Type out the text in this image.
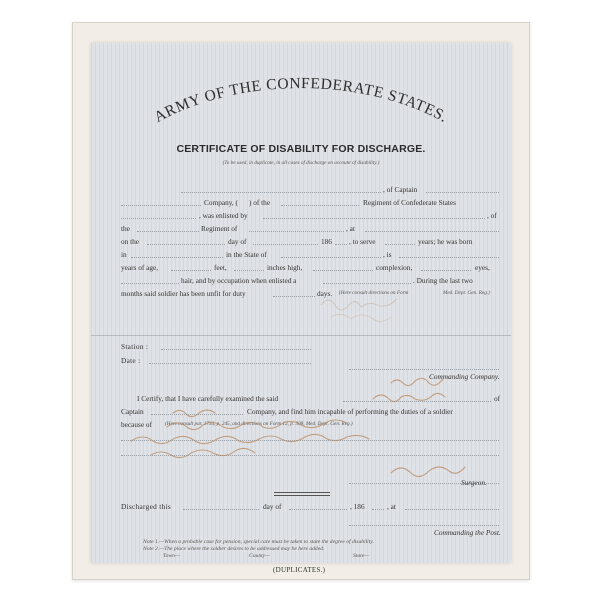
ARMY OF THE CONFEDERATE STATES.
CERTIFICATE OF DISABILITY FOR DISCHARGE.
(To be used, in duplicate, in all cases of discharge on account of disability.)
, of Captain
Company, ( ) of the	Regiment of Confederate States
, was enlisted by	, of
the	Regiment of	, at
on the	day of	186 , to serve	years; he was born
in	in the State of	, is
years of age,	feet,	inches high,	complexion,	eyes,
hair, and by occupation when enlisted a	. During the last two
months said soldier has been unfit for duty	days. (Here consult directions on Form	Med. Dept. Gen. Reg.)
Station :
Date :
Commanding Company.
I Certify, that I have carefully examined the said	of
Captain	Company, and find him incapable of performing the duties of a soldier
because of	(Here consult par. 1734, p. 245, and directions on Form 12, p. 308, Med. Dept. Gen. Reg.)
Surgeon.
Discharged this	day of	, 186	, at
Commanding the Post.
Note 1.—When a probable case for pension, special care must be taken to state the degree of disability.
Note 2.—The place where the soldier desires to be addressed may be here added.
Town—	County—	State—
(DUPLICATES.)
